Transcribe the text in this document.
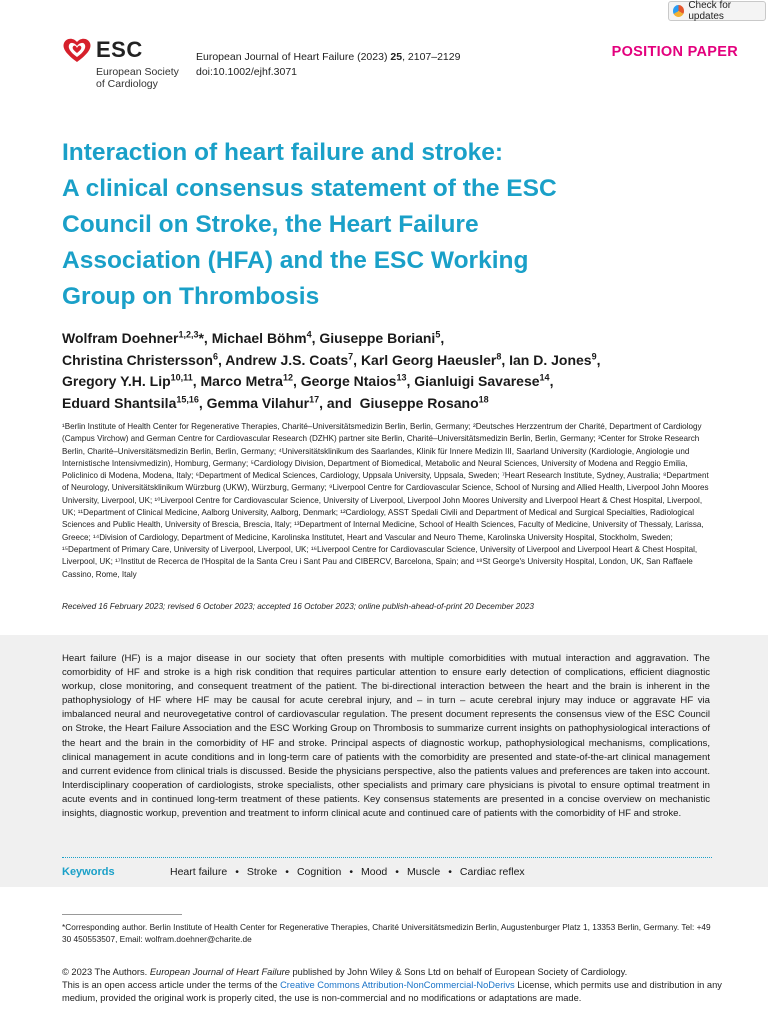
Check for updates
ESC
European Society
of Cardiology
European Journal of Heart Failure (2023) 25, 2107–2129
doi:10.1002/ejhf.3071
POSITION PAPER
Interaction of heart failure and stroke:
A clinical consensus statement of the ESC
Council on Stroke, the Heart Failure
Association (HFA) and the ESC Working
Group on Thrombosis
Wolfram Doehner$^{1,2,3}$*, Michael Böhm$^4$, Giuseppe Boriani$^5$,
Christina Christersson$^6$, Andrew J.S. Coats$^7$, Karl Georg Haeusler$^8$, Ian D. Jones$^9$,
Gregory Y.H. Lip$^{10,11}$, Marco Metra$^{12}$, George Ntaios$^{13}$, Gianluigi Savarese$^{14}$,
Eduard Shantsila$^{15,16}$, Gemma Vilahur$^{17}$, and  Giuseppe Rosano$^{18}$
¹Berlin Institute of Health Center for Regenerative Therapies, Charité–Universitätsmedizin Berlin, Berlin, Germany; ²Deutsches Herzzentrum der Charité, Department of Cardiology (Campus Virchow) and German Centre for Cardiovascular Research (DZHK) partner site Berlin, Charité–Universitätsmedizin Berlin, Berlin, Germany; ³Center for Stroke Research Berlin, Charité–Universitätsmedizin Berlin, Berlin, Germany; ⁴Universitätsklinikum des Saarlandes, Klinik für Innere Medizin III, Saarland University (Kardiologie, Angiologie und Internistische Intensivmedizin), Homburg, Germany; ⁵Cardiology Division, Department of Biomedical, Metabolic and Neural Sciences, University of Modena and Reggio Emilia, Policlinico di Modena, Modena, Italy; ⁶Department of Medical Sciences, Cardiology, Uppsala University, Uppsala, Sweden; ⁷Heart Research Institute, Sydney, Australia; ⁸Department of Neurology, Universitätsklinikum Würzburg (UKW), Würzburg, Germany; ⁹Liverpool Centre for Cardiovascular Science, School of Nursing and Allied Health, Liverpool John Moores University, Liverpool, UK; ¹⁰Liverpool Centre for Cardiovascular Science, University of Liverpool, Liverpool John Moores University and Liverpool Heart & Chest Hospital, Liverpool, UK; ¹¹Department of Clinical Medicine, Aalborg University, Aalborg, Denmark; ¹²Cardiology, ASST Spedali Civili and Department of Medical and Surgical Specialties, Radiological Sciences and Public Health, University of Brescia, Brescia, Italy; ¹³Department of Internal Medicine, School of Health Sciences, Faculty of Medicine, University of Thessaly, Larissa, Greece; ¹⁴Division of Cardiology, Department of Medicine, Karolinska Institutet, Heart and Vascular and Neuro Theme, Karolinska University Hospital, Stockholm, Sweden; ¹⁵Department of Primary Care, University of Liverpool, Liverpool, UK; ¹⁶Liverpool Centre for Cardiovascular Science, University of Liverpool and Liverpool Heart & Chest Hospital, Liverpool, UK; ¹⁷Institut de Recerca de l'Hospital de la Santa Creu i Sant Pau and CIBERCV, Barcelona, Spain; and ¹⁸St George's University Hospital, London, UK, San Raffaele Cassino, Rome, Italy
Received 16 February 2023; revised 6 October 2023; accepted 16 October 2023; online publish-ahead-of-print 20 December 2023
Heart failure (HF) is a major disease in our society that often presents with multiple comorbidities with mutual interaction and aggravation. The comorbidity of HF and stroke is a high risk condition that requires particular attention to ensure early detection of complications, efficient diagnostic workup, close monitoring, and consequent treatment of the patient. The bi-directional interaction between the heart and the brain is inherent in the pathophysiology of HF where HF may be causal for acute cerebral injury, and – in turn – acute cerebral injury may induce or aggravate HF via imbalanced neural and neurovegetative control of cardiovascular regulation. The present document represents the consensus view of the ESC Council on Stroke, the Heart Failure Association and the ESC Working Group on Thrombosis to summarize current insights on pathophysiological interactions of the heart and the brain in the comorbidity of HF and stroke. Principal aspects of diagnostic workup, pathophysiological mechanisms, complications, clinical management in acute conditions and in long-term care of patients with the comorbidity are presented and state-of-the-art clinical management and current evidence from clinical trials is discussed. Beside the physicians perspective, also the patients values and preferences are taken into account. Interdisciplinary cooperation of cardiologists, stroke specialists, other specialists and primary care physicians is pivotal to ensure optimal treatment in acute events and in continued long-term treatment of these patients. Key consensus statements are presented in a concise overview on mechanistic insights, diagnostic workup, prevention and treatment to inform clinical acute and continued care of patients with the comorbidity of HF and stroke.
Keywords	Heart failure • Stroke • Cognition • Mood • Muscle • Cardiac reflex
*Corresponding author. Berlin Institute of Health Center for Regenerative Therapies, Charité Universitätsmedizin Berlin, Augustenburger Platz 1, 13353 Berlin, Germany. Tel: +49 30 450553507, Email: wolfram.doehner@charite.de
© 2023 The Authors. European Journal of Heart Failure published by John Wiley & Sons Ltd on behalf of European Society of Cardiology.
This is an open access article under the terms of the Creative Commons Attribution-NonCommercial-NoDerivs License, which permits use and distribution in any medium, provided the original work is properly cited, the use is non-commercial and no modifications or adaptations are made.
